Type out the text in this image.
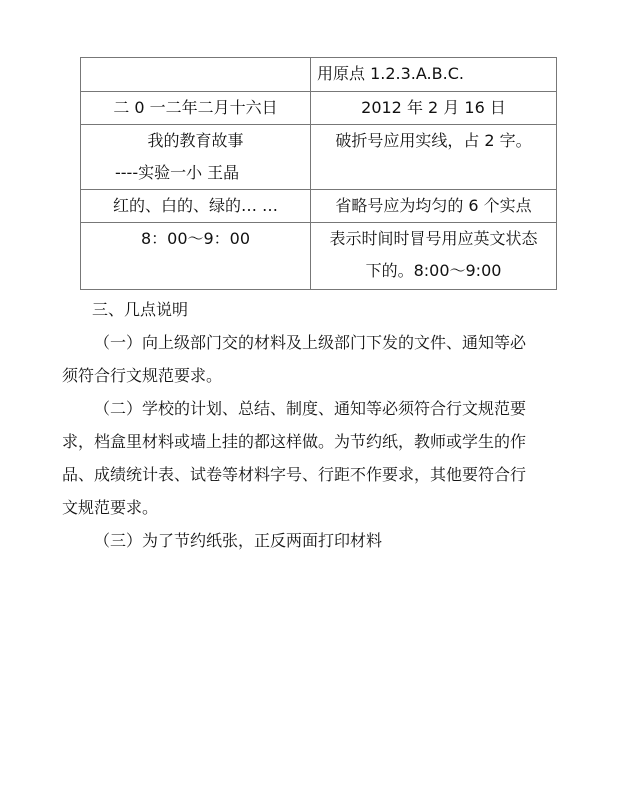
	用原点 1.2.3.A.B.C.

二 0 一二年二月十六日	2012 年 2 月 16 日

我的教育故事
----实验一小 王晶	破折号应用实线，占 2 字。

红的、白的、绿的… …	省略号应为均匀的 6 个实点

8：00～9：00	表示时间时冒号用应英文状态
下的。8:00～9:00
三、几点说明
（一）向上级部门交的材料及上级部门下发的文件、通知等必
须符合行文规范要求。
（二）学校的计划、总结、制度、通知等必须符合行文规范要
求，档盒里材料或墙上挂的都这样做。为节约纸，教师或学生的作
品、成绩统计表、试卷等材料字号、行距不作要求，其他要符合行
文规范要求。
（三）为了节约纸张，正反两面打印材料
